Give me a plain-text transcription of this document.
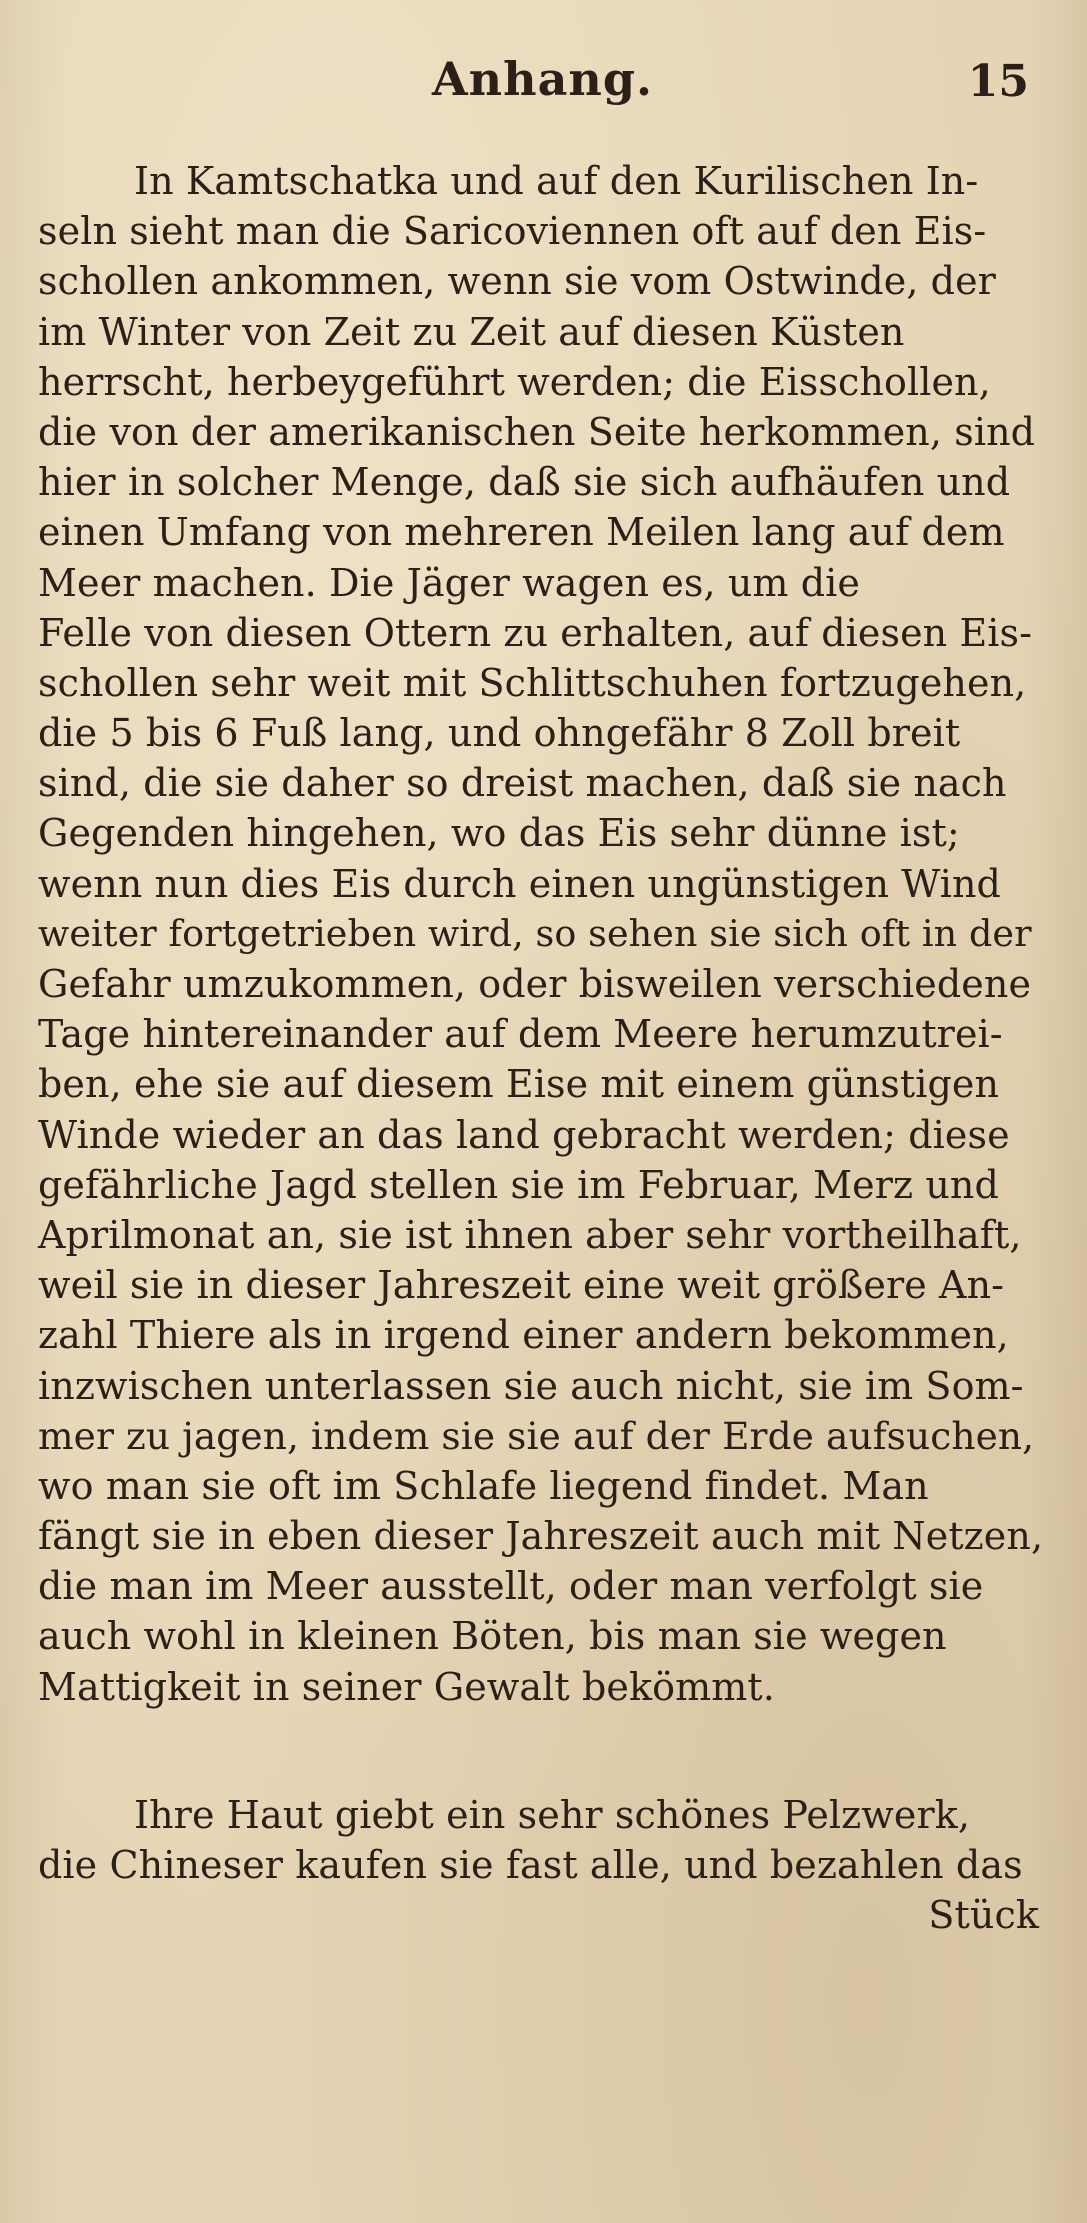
Anhang.	15

In Kamtschatka und auf den Kurilischen In-
seln sieht man die Saricoviennen oft auf den Eis-
schollen ankommen, wenn sie vom Ostwinde, der
im Winter von Zeit zu Zeit auf diesen Küsten
herrscht, herbeygeführt werden; die Eisschollen,
die von der amerikanischen Seite herkommen, sind
hier in solcher Menge, daß sie sich aufhäufen und
einen Umfang von mehreren Meilen lang auf dem
Meer machen. Die Jäger wagen es, um die
Felle von diesen Ottern zu erhalten, auf diesen Eis-
schollen sehr weit mit Schlittschuhen fortzugehen,
die 5 bis 6 Fuß lang, und ohngefähr 8 Zoll breit
sind, die sie daher so dreist machen, daß sie nach
Gegenden hingehen, wo das Eis sehr dünne ist;
wenn nun dies Eis durch einen ungünstigen Wind
weiter fortgetrieben wird, so sehen sie sich oft in der
Gefahr umzukommen, oder bisweilen verschiedene
Tage hintereinander auf dem Meere herumzutrei-
ben, ehe sie auf diesem Eise mit einem günstigen
Winde wieder an das land gebracht werden; diese
gefährliche Jagd stellen sie im Februar, Merz und
Aprilmonat an, sie ist ihnen aber sehr vortheilhaft,
weil sie in dieser Jahreszeit eine weit größere An-
zahl Thiere als in irgend einer andern bekommen,
inzwischen unterlassen sie auch nicht, sie im Som-
mer zu jagen, indem sie sie auf der Erde aufsuchen,
wo man sie oft im Schlafe liegend findet. Man
fängt sie in eben dieser Jahreszeit auch mit Netzen,
die man im Meer ausstellt, oder man verfolgt sie
auch wohl in kleinen Böten, bis man sie wegen
Mattigkeit in seiner Gewalt bekömmt.

Ihre Haut giebt ein sehr schönes Pelzwerk,
die Chineser kaufen sie fast alle, und bezahlen das
Stück
